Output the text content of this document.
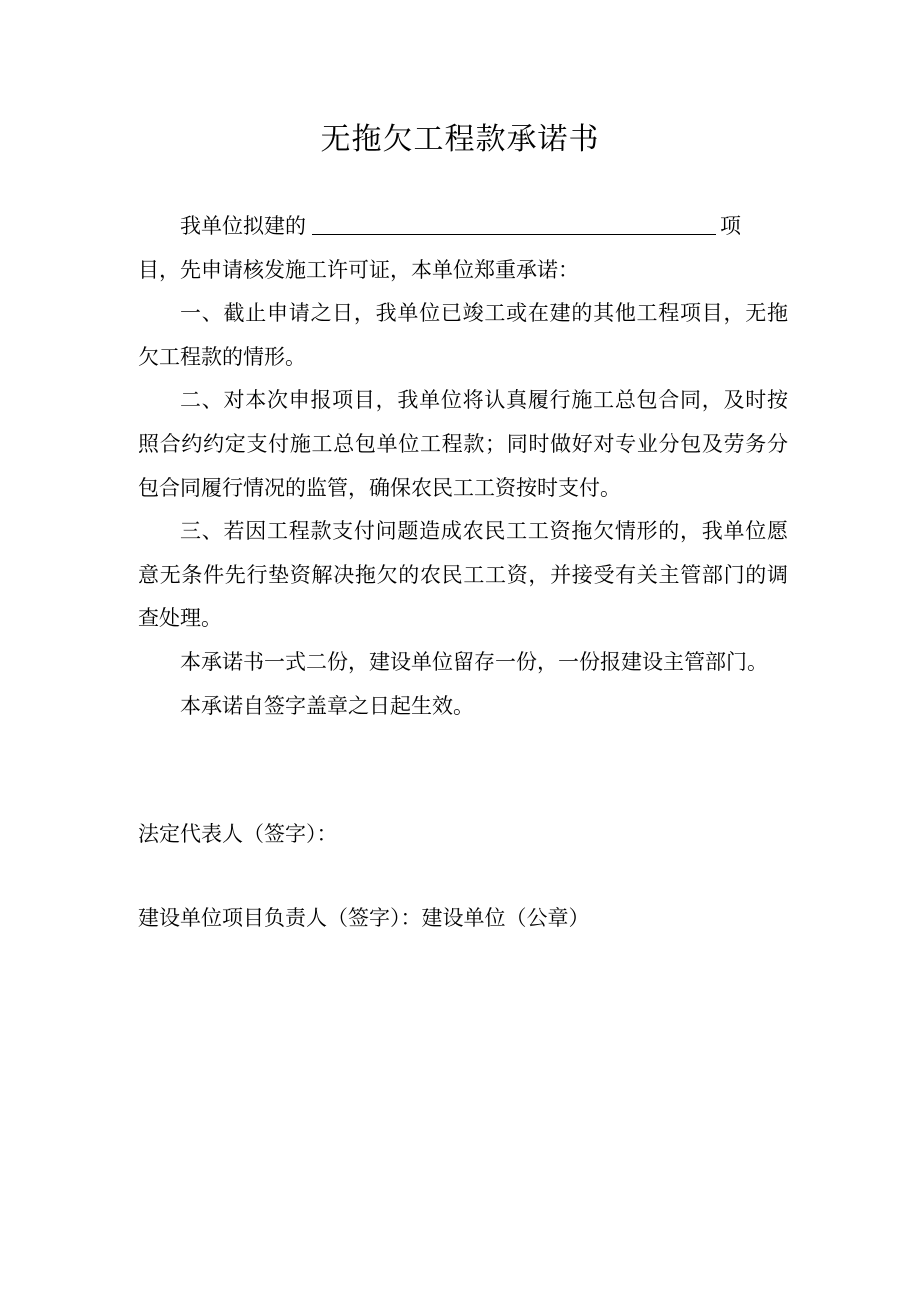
无拖欠工程款承诺书

我单位拟建的	项

目，先申请核发施工许可证，本单位郑重承诺：

一、截止申请之日，我单位已竣工或在建的其他工程项目，无拖欠工程款的情形。

二、对本次申报项目，我单位将认真履行施工总包合同，及时按照合约约定支付施工总包单位工程款；同时做好对专业分包及劳务分包合同履行情况的监管，确保农民工工资按时支付。

三、若因工程款支付问题造成农民工工资拖欠情形的，我单位愿意无条件先行垫资解决拖欠的农民工工资，并接受有关主管部门的调查处理。

本承诺书一式二份，建设单位留存一份，一份报建设主管部门。

本承诺自签字盖章之日起生效。

法定代表人（签字）：
建设单位项目负责人（签字）：建设单位（公章）
